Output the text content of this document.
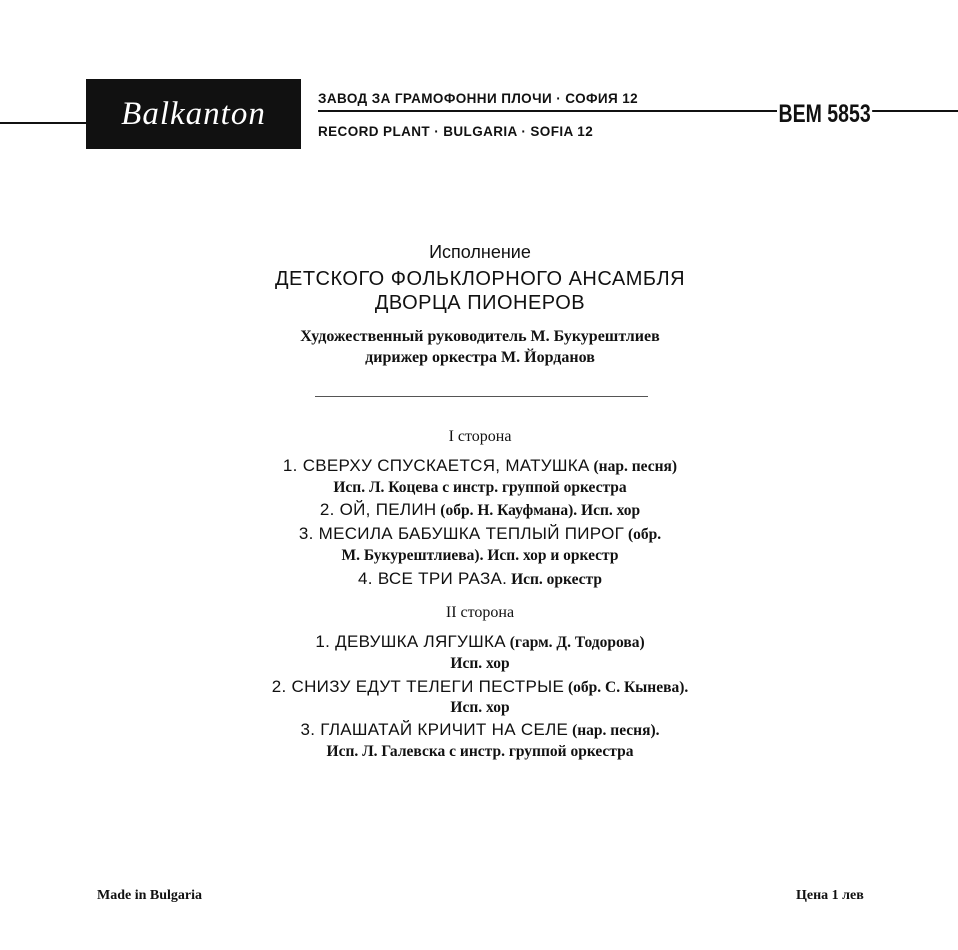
Balkanton	ЗАВОД ЗА ГРАМОФОННИ ПЛОЧИ · СОФИЯ 12
RECORD PLANT · BULGARIA · SOFIA 12
ВЕМ 5853
Исполнение
ДЕТСКОГО ФОЛЬКЛОРНОГО АНСАМБЛЯ
ДВОРЦА ПИОНЕРОВ
Художественный руководитель М. Букурештлиев
дирижер оркестра М. Йорданов
I сторона
1. СВЕРХУ СПУСКАЕТСЯ, МАТУШКА (нар. песня)
Исп. Л. Коцева с инстр. группой оркестра
2. ОЙ, ПЕЛИН (обр. Н. Кауфмана). Исп. хор
3. МЕСИЛА БАБУШКА ТЕПЛЫЙ ПИРОГ (обр.
М. Букурештлиева). Исп. хор и оркестр
4. ВСЕ ТРИ РАЗА. Исп. оркестр
II сторона
1. ДЕВУШКА ЛЯГУШКА (гарм. Д. Тодорова)
Исп. хор
2. СНИЗУ ЕДУТ ТЕЛЕГИ ПЕСТРЫЕ (обр. С. Кынева).
Исп. хор
3. ГЛАШАТАЙ КРИЧИТ НА СЕЛЕ (нар. песня).
Исп. Л. Галевска с инстр. группой оркестра
Made in Bulgaria	Цена 1 лев
